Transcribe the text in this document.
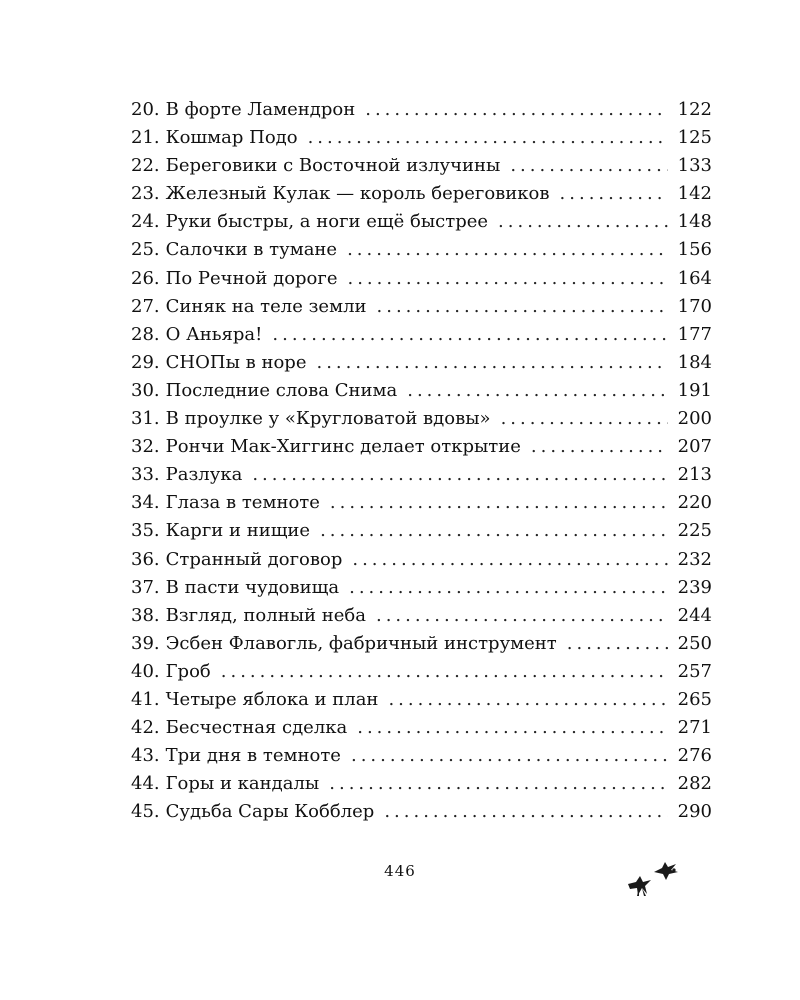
20. В форте Ламендрон .....	122
21. Кошмар Подо .....	125
22. Береговики с Восточной излучины .....	133
23. Железный Кулак — король береговиков .....	142
24. Руки быстры, а ноги ещё быстрее .....	148
25. Салочки в тумане .....	156
26. По Речной дороге .....	164
27. Синяк на теле земли .....	170
28. О Аньяра! .....	177
29. СНОПы в норе .....	184
30. Последние слова Снима .....	191
31. В проулке у «Кругловатой вдовы» .....	200
32. Рончи Мак-Хиггинс делает открытие .....	207
33. Разлука .....	213
34. Глаза в темноте .....	220
35. Карги и нищие .....	225
36. Странный договор .....	232
37. В пасти чудовища .....	239
38. Взгляд, полный неба .....	244
39. Эсбен Флавогль, фабричный инструмент .....	250
40. Гроб .....	257
41. Четыре яблока и план .....	265
42. Бесчестная сделка .....	271
43. Три дня в темноте .....	276
44. Горы и кандалы .....	282
45. Судьба Сары Кобблер .....	290
446
